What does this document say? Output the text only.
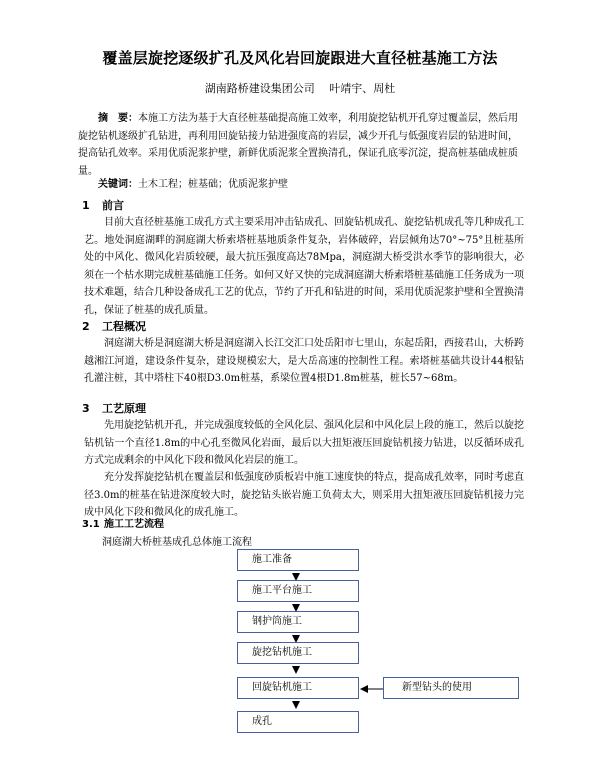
覆盖层旋挖逐级扩孔及风化岩回旋跟进大直径桩基施工方法
湖南路桥建设集团公司　 叶靖宇、周杜
摘　要：本施工方法为基于大直径桩基础提高施工效率，利用旋挖钻机开孔穿过覆盖层，然后用旋挖钻机逐级扩孔钻进，再利用回旋钻接力钻进强度高的岩层，减少开孔与低强度岩层的钻进时间，提高钻孔效率。采用优质泥浆护壁，新鲜优质泥浆全置换清孔，保证孔底零沉淀，提高桩基础成桩质量。
关键词：土木工程；桩基础；优质泥浆护壁
1 前言
目前大直径桩基施工成孔方式主要采用冲击钻成孔、回旋钻机成孔、旋挖钻机成孔等几种成孔工艺。地处洞庭湖畔的洞庭湖大桥索塔桩基地质条件复杂，岩体破碎，岩层倾角达70°~75°且桩基所处的中风化、微风化岩质较硬，最大抗压强度高达78Mpa，洞庭湖大桥受洪水季节的影响很大，必须在一个枯水期完成桩基础施工任务。如何又好又快的完成洞庭湖大桥索塔桩基础施工任务成为一项技术难题，结合几种设备成孔工艺的优点，节约了开孔和钻进的时间，采用优质泥浆护壁和全置换清孔，保证了桩基的成孔质量。
2 工程概况
洞庭湖大桥是洞庭湖大桥是洞庭湖入长江交汇口处岳阳市七里山，东起岳阳，西接君山，大桥跨越湘江河道，建设条件复杂，建设规模宏大，是大岳高速的控制性工程。索塔桩基础共设计44根钻孔灌注桩，其中塔柱下40根D3.0m桩基，系梁位置4根D1.8m桩基，桩长57~68m。
3 工艺原理
先用旋挖钻机开孔，并完成强度较低的全风化层、强风化层和中风化层上段的施工，然后以旋挖钻机钻一个直径1.8m的中心孔至微风化岩面，最后以大扭矩液压回旋钻机接力钻进，以反循环成孔方式完成剩余的中风化下段和微风化岩层的施工。
充分发挥旋挖钻机在覆盖层和低强度砂质板岩中施工速度快的特点，提高成孔效率，同时考虑直径3.0m的桩基在钻进深度较大时，旋挖钻头嵌岩施工负荷太大，则采用大扭矩液压回旋钻机接力完成中风化下段和微风化的成孔施工。
3.1 施工工艺流程
洞庭湖大桥桩基成孔总体施工流程
施工准备
施工平台施工
钢护筒施工
旋挖钻机施工
回旋钻机施工
成孔
新型钻头的使用
